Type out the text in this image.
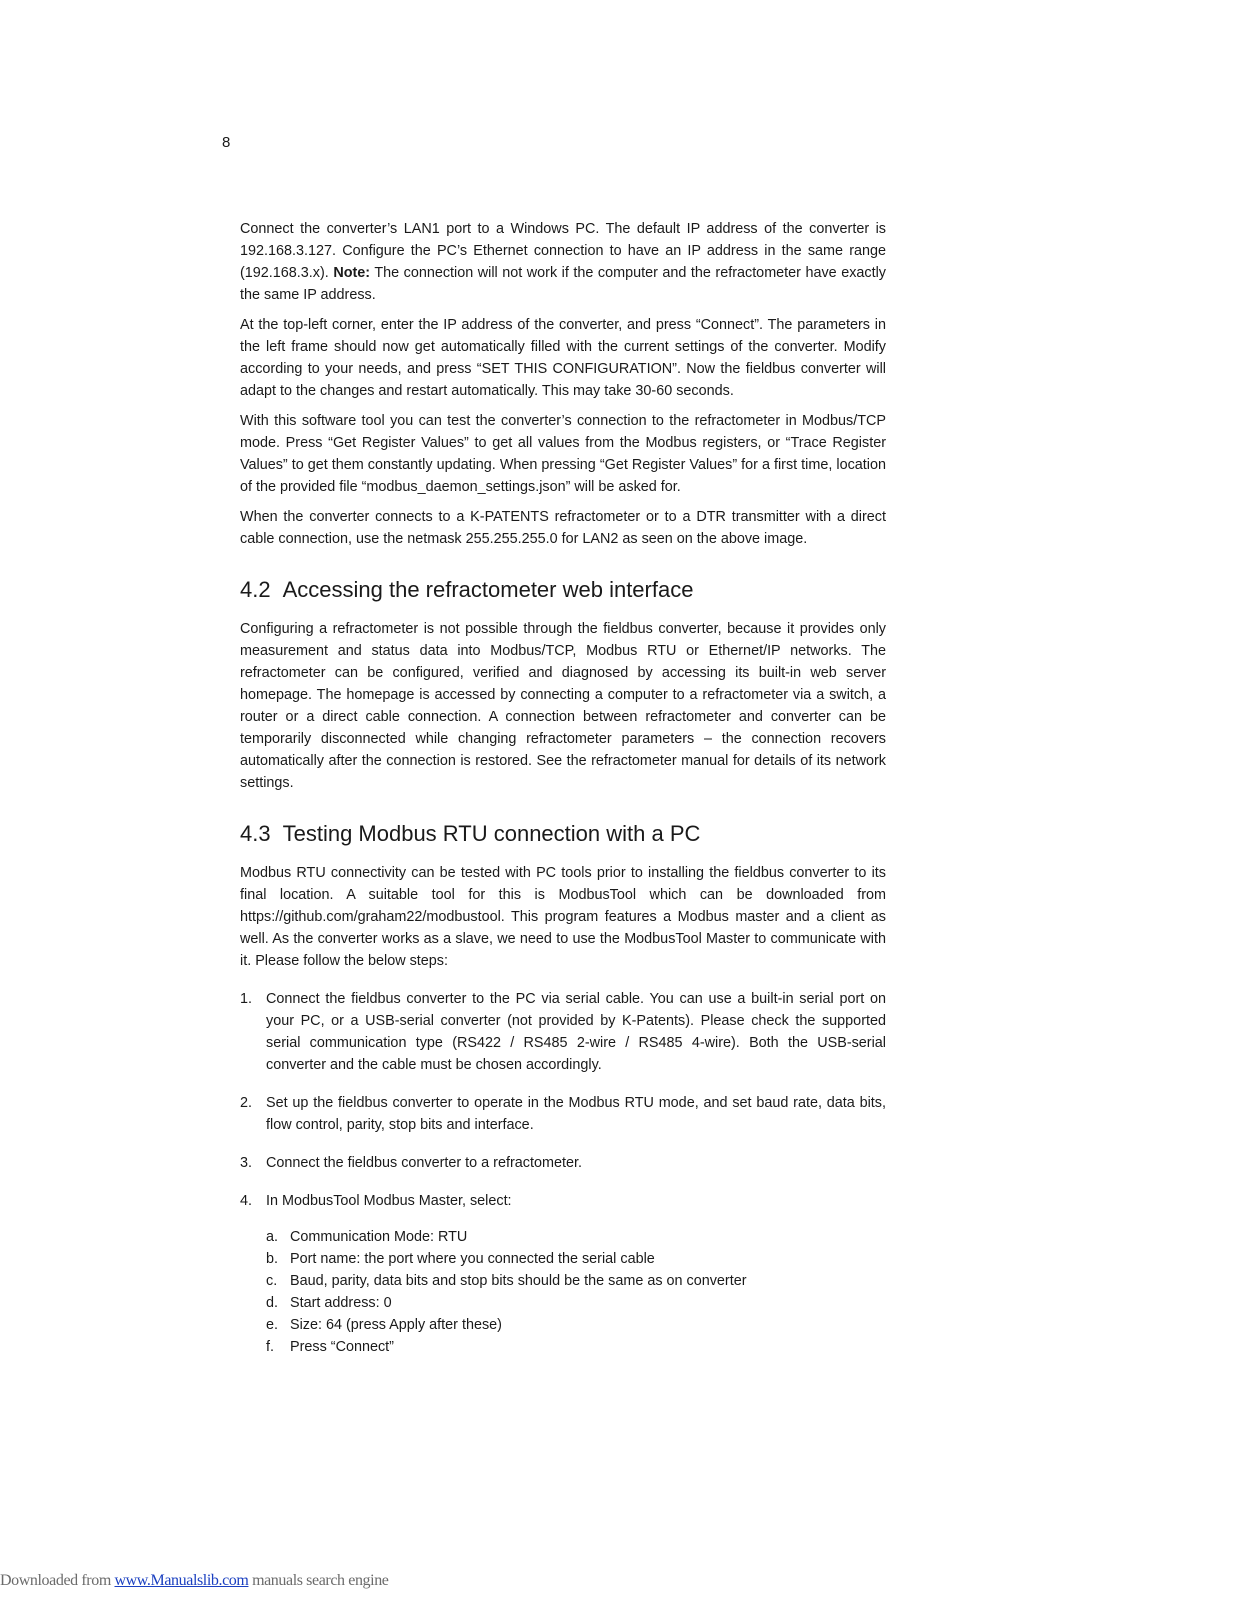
8

Connect the converter’s LAN1 port to a Windows PC. The default IP address of the converter is 192.168.3.127. Configure the PC’s Ethernet connection to have an IP address in the same range (192.168.3.x). Note: The connection will not work if the computer and the refractometer have exactly the same IP address.

At the top-left corner, enter the IP address of the converter, and press “Connect”. The parameters in the left frame should now get automatically filled with the current settings of the converter. Modify according to your needs, and press “SET THIS CONFIGURATION”. Now the fieldbus converter will adapt to the changes and restart automatically. This may take 30-60 seconds.

With this software tool you can test the converter’s connection to the refractometer in Modbus/TCP mode. Press “Get Register Values” to get all values from the Modbus registers, or “Trace Register Values” to get them constantly updating. When pressing “Get Register Values” for a first time, location of the provided file “modbus_daemon_settings.json” will be asked for.

When the converter connects to a K-PATENTS refractometer or to a DTR transmitter with a direct cable connection, use the netmask 255.255.255.0 for LAN2 as seen on the above image.

4.2 Accessing the refractometer web interface

Configuring a refractometer is not possible through the fieldbus converter, because it provides only measurement and status data into Modbus/TCP, Modbus RTU or Ethernet/IP networks. The refractometer can be configured, verified and diagnosed by accessing its built-in web server homepage. The homepage is accessed by connecting a computer to a refractometer via a switch, a router or a direct cable connection. A connection between refractometer and converter can be temporarily disconnected while changing refractometer parameters – the connection recovers automatically after the connection is restored. See the refractometer manual for details of its network settings.

4.3 Testing Modbus RTU connection with a PC

Modbus RTU connectivity can be tested with PC tools prior to installing the fieldbus converter to its final location. A suitable tool for this is ModbusTool which can be downloaded from https://github.com/graham22/modbustool. This program features a Modbus master and a client as well. As the converter works as a slave, we need to use the ModbusTool Master to communicate with it. Please follow the below steps:

1. Connect the fieldbus converter to the PC via serial cable. You can use a built-in serial port on your PC, or a USB-serial converter (not provided by K-Patents). Please check the supported serial communication type (RS422 / RS485 2-wire / RS485 4-wire). Both the USB-serial converter and the cable must be chosen accordingly.
2. Set up the fieldbus converter to operate in the Modbus RTU mode, and set baud rate, data bits, flow control, parity, stop bits and interface.
3. Connect the fieldbus converter to a refractometer.
4. In ModbusTool Modbus Master, select:
a. Communication Mode: RTU
b. Port name: the port where you connected the serial cable
c. Baud, parity, data bits and stop bits should be the same as on converter
d. Start address: 0
e. Size: 64 (press Apply after these)
f. Press “Connect”
Downloaded from www.Manualslib.com manuals search engine
